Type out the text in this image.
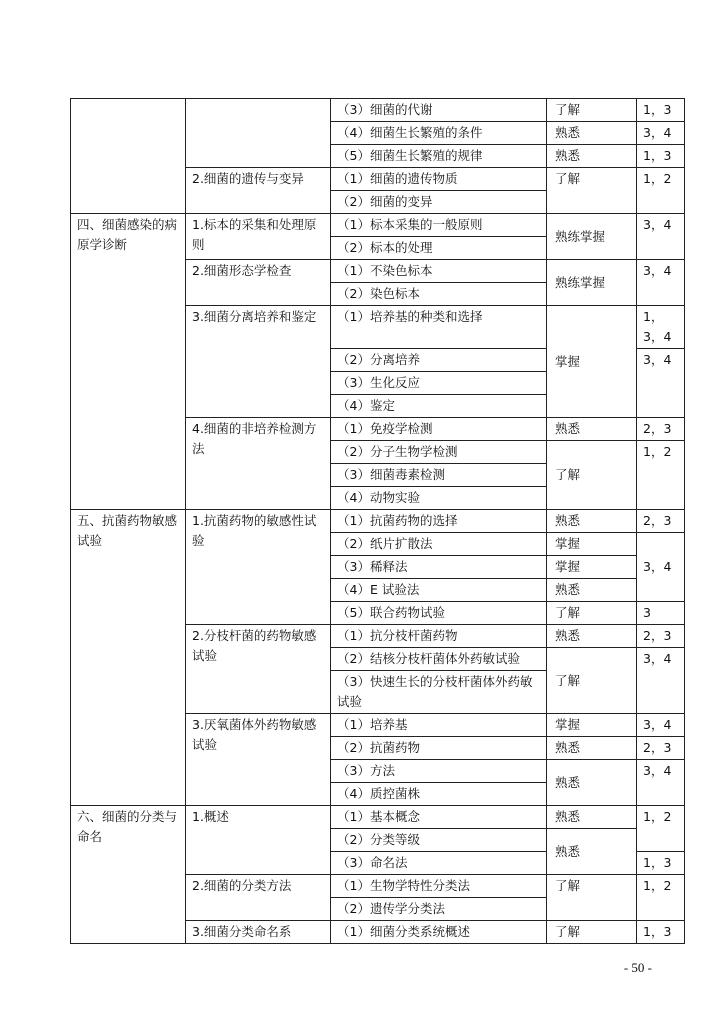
		（3）细菌的代谢	了解	1，3
		（4）细菌生长繁殖的条件	熟悉	3，4
		（5）细菌生长繁殖的规律	熟悉	1，3
	2.细菌的遗传与变异	（1）细菌的遗传物质	了解	1，2
		（2）细菌的变异		
四、细菌感染的病原学诊断	1.标本的采集和处理原则	（1）标本采集的一般原则	熟练掌握	3，4
		（2）标本的处理		
	2.细菌形态学检查	（1）不染色标本	熟练掌握	3，4
		（2）染色标本		
	3.细菌分离培养和鉴定	（1）培养基的种类和选择	掌握	1，3，4
		（2）分离培养		3，4
		（3）生化反应		
		（4）鉴定		
	4.细菌的非培养检测方法	（1）免疫学检测	熟悉	2，3
		（2）分子生物学检测	了解	1，2
		（3）细菌毒素检测		
		（4）动物实验		
五、抗菌药物敏感试验	1.抗菌药物的敏感性试验	（1）抗菌药物的选择	熟悉	2，3
		（2）纸片扩散法	掌握	3，4
		（3）稀释法	掌握	
		（4）E 试验法	熟悉	
		（5）联合药物试验	了解	3
	2.分枝杆菌的药物敏感试验	（1）抗分枝杆菌药物	熟悉	2，3
		（2）结核分枝杆菌体外药敏试验	了解	3，4
		（3）快速生长的分枝杆菌体外药敏试验		
	3.厌氧菌体外药物敏感试验	（1）培养基	掌握	3，4
		（2）抗菌药物	熟悉	2，3
		（3）方法	熟悉	3，4
		（4）质控菌株		
六、细菌的分类与命名	1.概述	（1）基本概念	熟悉	1，2
		（2）分类等级	熟悉	
		（3）命名法		1，3
	2.细菌的分类方法	（1）生物学特性分类法	了解	1，2
		（2）遗传学分类法		
	3.细菌分类命名系	（1）细菌分类系统概述	了解	1，3
- 50 -
